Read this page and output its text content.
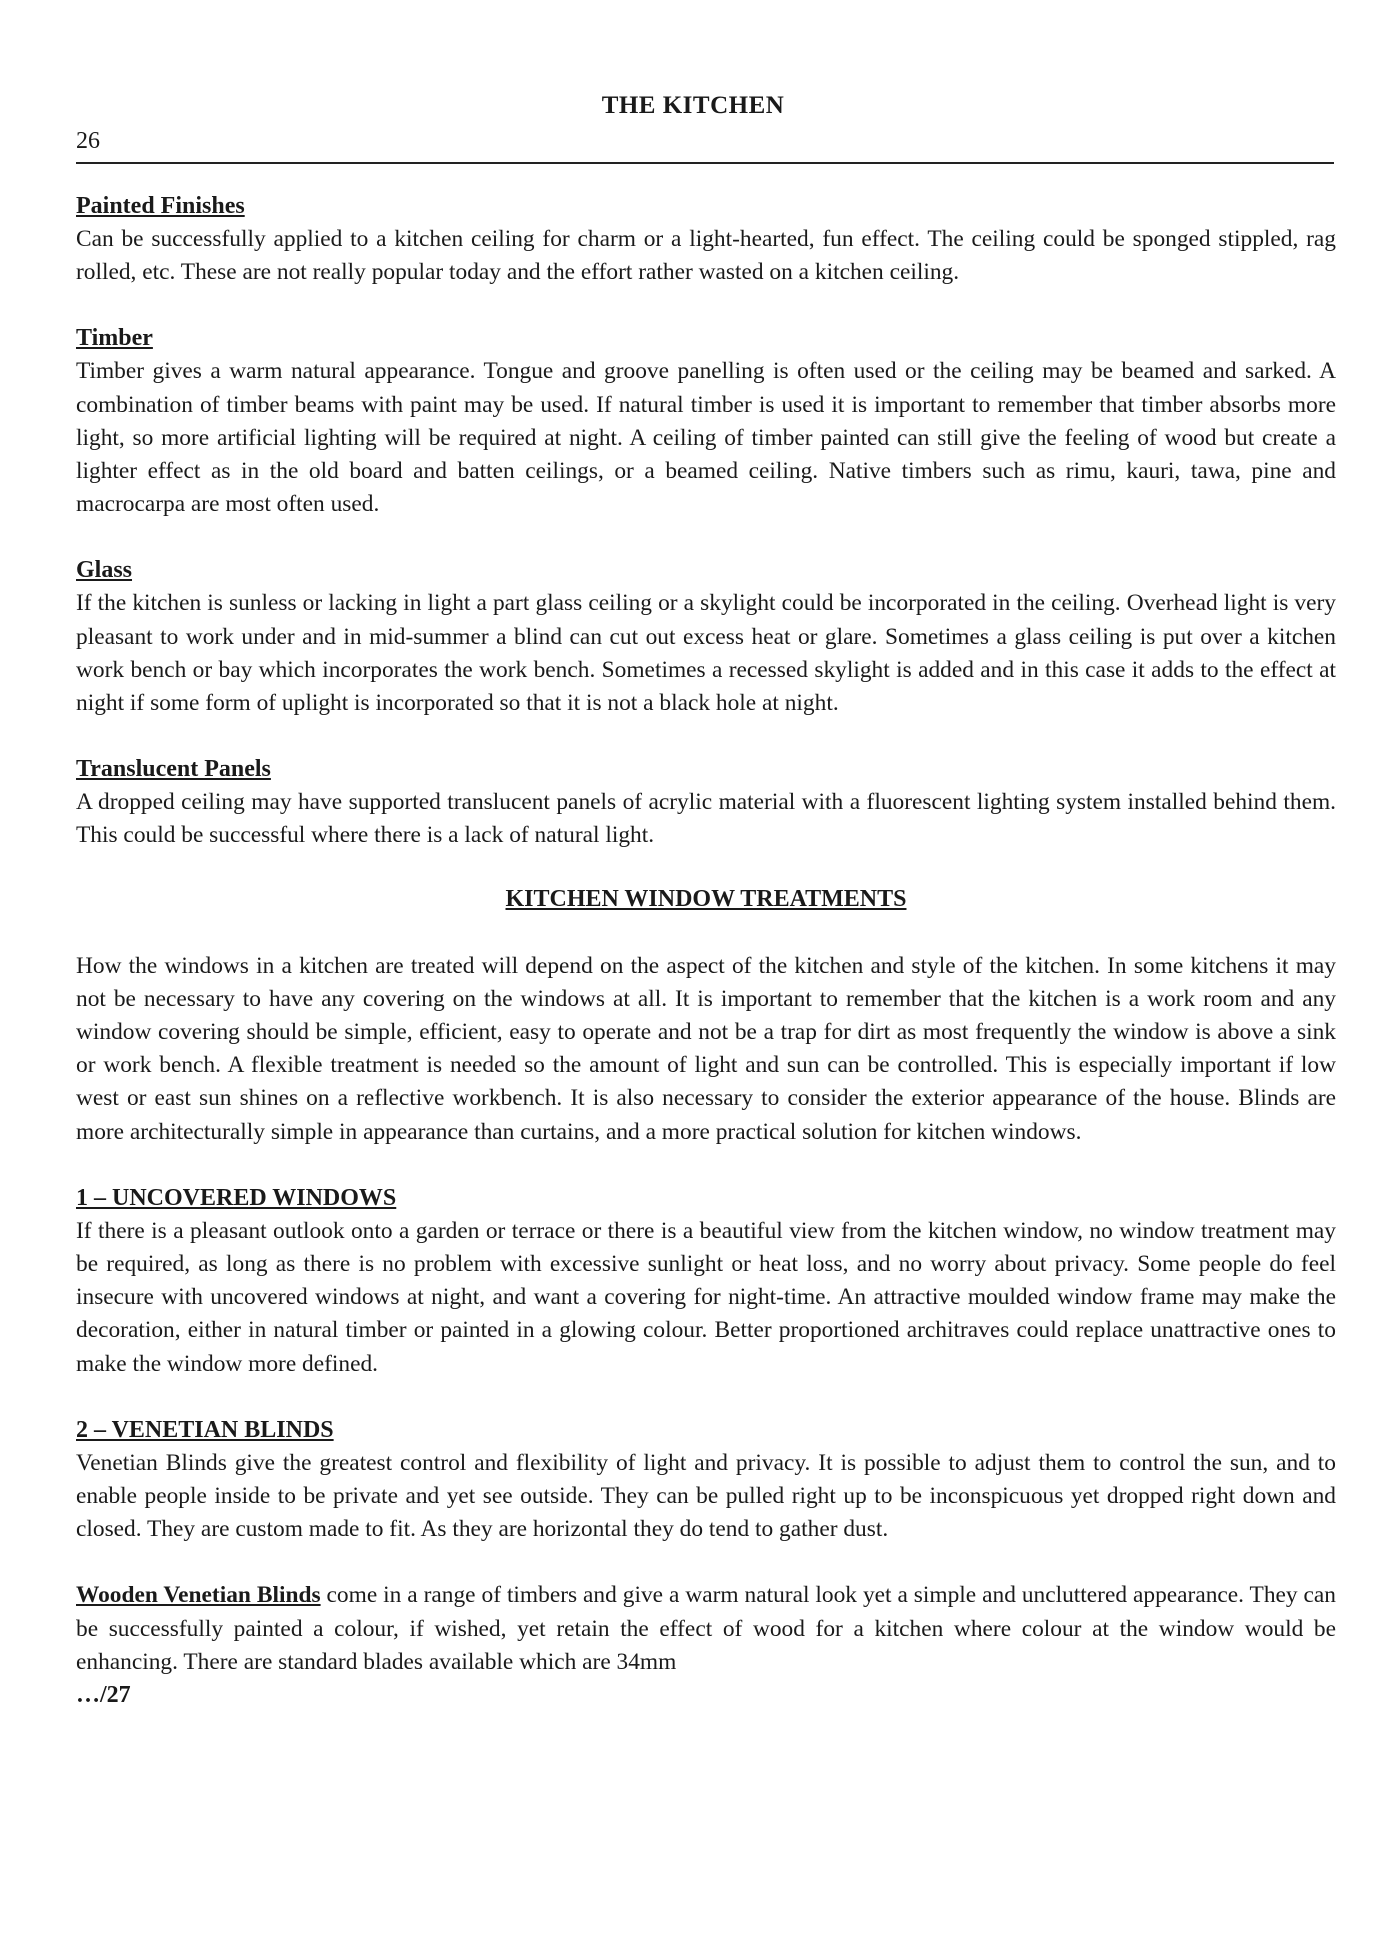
THE KITCHEN
26

Painted Finishes

Can be successfully applied to a kitchen ceiling for charm or a light-hearted, fun effect. The ceiling could be sponged stippled, rag rolled, etc. These are not really popular today and the effort rather wasted on a kitchen ceiling.

Timber

Timber gives a warm natural appearance. Tongue and groove panelling is often used or the ceiling may be beamed and sarked. A combination of timber beams with paint may be used. If natural timber is used it is important to remember that timber absorbs more light, so more artificial lighting will be required at night. A ceiling of timber painted can still give the feeling of wood but create a lighter effect as in the old board and batten ceilings, or a beamed ceiling. Native timbers such as rimu, kauri, tawa, pine and macrocarpa are most often used.

Glass

If the kitchen is sunless or lacking in light a part glass ceiling or a skylight could be incorporated in the ceiling. Overhead light is very pleasant to work under and in mid-summer a blind can cut out excess heat or glare. Sometimes a glass ceiling is put over a kitchen work bench or bay which incorporates the work bench. Sometimes a recessed skylight is added and in this case it adds to the effect at night if some form of uplight is incorporated so that it is not a black hole at night.

Translucent Panels

A dropped ceiling may have supported translucent panels of acrylic material with a fluorescent lighting system installed behind them. This could be successful where there is a lack of natural light.

KITCHEN WINDOW TREATMENTS

How the windows in a kitchen are treated will depend on the aspect of the kitchen and style of the kitchen. In some kitchens it may not be necessary to have any covering on the windows at all. It is important to remember that the kitchen is a work room and any window covering should be simple, efficient, easy to operate and not be a trap for dirt as most frequently the window is above a sink or work bench. A flexible treatment is needed so the amount of light and sun can be controlled. This is especially important if low west or east sun shines on a reflective workbench. It is also necessary to consider the exterior appearance of the house. Blinds are more architecturally simple in appearance than curtains, and a more practical solution for kitchen windows.

1 – UNCOVERED WINDOWS

If there is a pleasant outlook onto a garden or terrace or there is a beautiful view from the kitchen window, no window treatment may be required, as long as there is no problem with excessive sunlight or heat loss, and no worry about privacy. Some people do feel insecure with uncovered windows at night, and want a covering for night-time. An attractive moulded window frame may make the decoration, either in natural timber or painted in a glowing colour. Better proportioned architraves could replace unattractive ones to make the window more defined.

2 – VENETIAN BLINDS

Venetian Blinds give the greatest control and flexibility of light and privacy. It is possible to adjust them to control the sun, and to enable people inside to be private and yet see outside. They can be pulled right up to be inconspicuous yet dropped right down and closed. They are custom made to fit. As they are horizontal they do tend to gather dust.

Wooden Venetian Blinds come in a range of timbers and give a warm natural look yet a simple and uncluttered appearance. They can be successfully painted a colour, if wished, yet retain the effect of wood for a kitchen where colour at the window would be enhancing. There are standard blades available which are 34mm

…/27
